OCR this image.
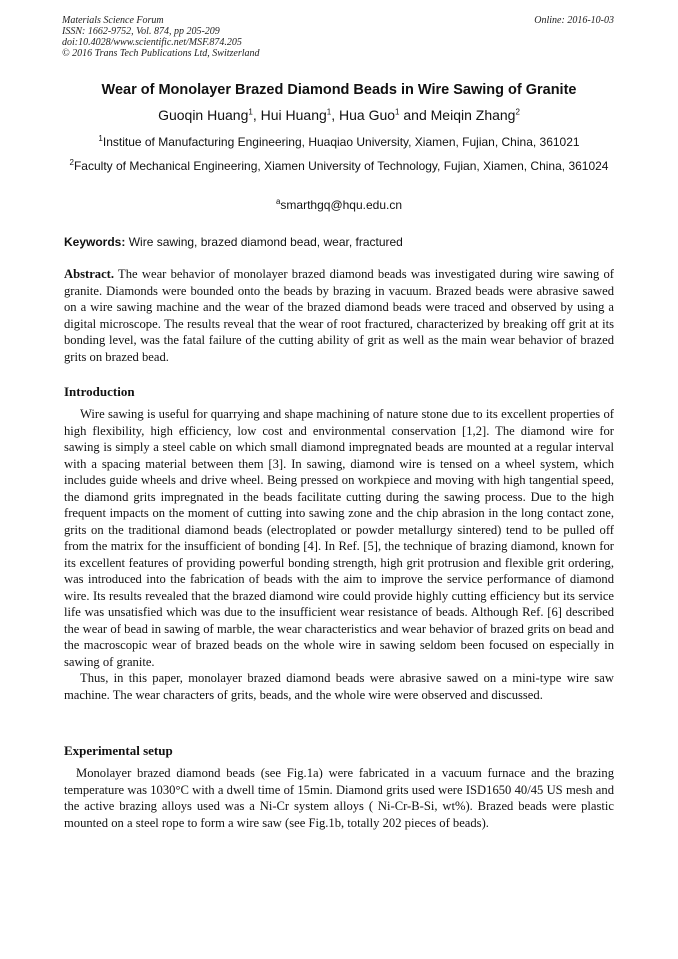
Materials Science Forum
ISSN: 1662-9752, Vol. 874, pp 205-209
doi:10.4028/www.scientific.net/MSF.874.205
© 2016 Trans Tech Publications Ltd, Switzerland
Online: 2016-10-03
Wear of Monolayer Brazed Diamond Beads in Wire Sawing of Granite
Guoqin Huang$^1$, Hui Huang$^1$, Hua Guo$^1$ and Meiqin Zhang$^2$
$^1$Institue of Manufacturing Engineering, Huaqiao University, Xiamen, Fujian, China, 361021
$^2$Faculty of Mechanical Engineering, Xiamen University of Technology, Fujian, Xiamen, China, 361024
$^a$smarthgq@hqu.edu.cn
Keywords: Wire sawing, brazed diamond bead, wear, fractured
Abstract. The wear behavior of monolayer brazed diamond beads was investigated during wire sawing of granite. Diamonds were bounded onto the beads by brazing in vacuum. Brazed beads were abrasive sawed on a wire sawing machine and the wear of the brazed diamond beads were traced and observed by using a digital microscope. The results reveal that the wear of root fractured, characterized by breaking off grit at its bonding level, was the fatal failure of the cutting ability of grit as well as the main wear behavior of brazed grits on brazed bead.
Introduction

Wire sawing is useful for quarrying and shape machining of nature stone due to its excellent properties of high flexibility, high efficiency, low cost and environmental conservation [1,2]. The diamond wire for sawing is simply a steel cable on which small diamond impregnated beads are mounted at a regular interval with a spacing material between them [3]. In sawing, diamond wire is tensed on a wheel system, which includes guide wheels and drive wheel. Being pressed on workpiece and moving with high tangential speed, the diamond grits impregnated in the beads facilitate cutting during the sawing process. Due to the high frequent impacts on the moment of cutting into sawing zone and the chip abrasion in the long contact zone, grits on the traditional diamond beads (electroplated or powder metallurgy sintered) tend to be pulled off from the matrix for the insufficient of bonding [4]. In Ref. [5], the technique of brazing diamond, known for its excellent features of providing powerful bonding strength, high grit protrusion and flexible grit ordering, was introduced into the fabrication of beads with the aim to improve the service performance of diamond wire. Its results revealed that the brazed diamond wire could provide highly cutting efficiency but its service life was unsatisfied which was due to the insufficient wear resistance of beads. Although Ref. [6] described the wear of bead in sawing of marble, the wear characteristics and wear behavior of brazed grits on bead and the macroscopic wear of brazed beads on the whole wire in sawing seldom been focused on especially in sawing of granite.

Thus, in this paper, monolayer brazed diamond beads were abrasive sawed on a mini-type wire saw machine. The wear characters of grits, beads, and the whole wire were observed and discussed.

Experimental setup

Monolayer brazed diamond beads (see Fig.1a) were fabricated in a vacuum furnace and the brazing temperature was 1030°C with a dwell time of 15min. Diamond grits used were ISD1650 40/45 US mesh and the active brazing alloys used was a Ni-Cr system alloys ( Ni-Cr-B-Si, wt%). Brazed beads were plastic mounted on a steel rope to form a wire saw (see Fig.1b, totally 202 pieces of beads).
